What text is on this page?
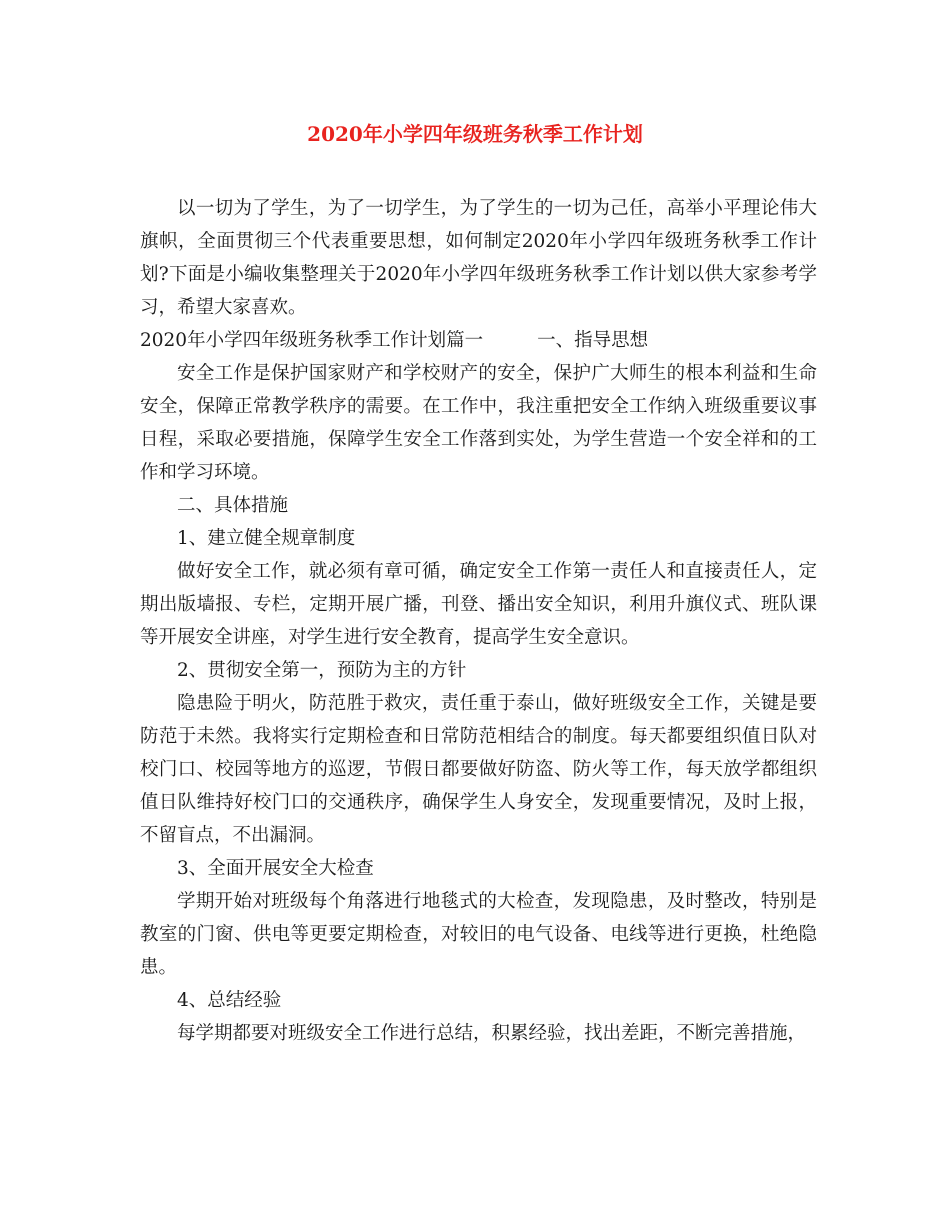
2020年小学四年级班务秋季工作计划

以一切为了学生，为了一切学生，为了学生的一切为己任，高举小平理论伟大旗帜，全面贯彻三个代表重要思想，如何制定2020年小学四年级班务秋季工作计划?下面是小编收集整理关于2020年小学四年级班务秋季工作计划以供大家参考学习，希望大家喜欢。

2020年小学四年级班务秋季工作计划篇一	一、指导思想

安全工作是保护国家财产和学校财产的安全，保护广大师生的根本利益和生命安全，保障正常教学秩序的需要。在工作中，我注重把安全工作纳入班级重要议事日程，采取必要措施，保障学生安全工作落到实处，为学生营造一个安全祥和的工作和学习环境。

二、具体措施

1、建立健全规章制度

做好安全工作，就必须有章可循，确定安全工作第一责任人和直接责任人，定期出版墙报、专栏，定期开展广播，刊登、播出安全知识，利用升旗仪式、班队课等开展安全讲座，对学生进行安全教育，提高学生安全意识。

2、贯彻安全第一，预防为主的方针

隐患险于明火，防范胜于救灾，责任重于泰山，做好班级安全工作，关键是要防范于未然。我将实行定期检查和日常防范相结合的制度。每天都要组织值日队对校门口、校园等地方的巡逻，节假日都要做好防盗、防火等工作，每天放学都组织值日队维持好校门口的交通秩序，确保学生人身安全，发现重要情况，及时上报，不留盲点，不出漏洞。

3、全面开展安全大检查

学期开始对班级每个角落进行地毯式的大检查，发现隐患，及时整改，特别是教室的门窗、供电等更要定期检查，对较旧的电气设备、电线等进行更换，杜绝隐患。

4、总结经验

每学期都要对班级安全工作进行总结，积累经验，找出差距，不断完善措施，
